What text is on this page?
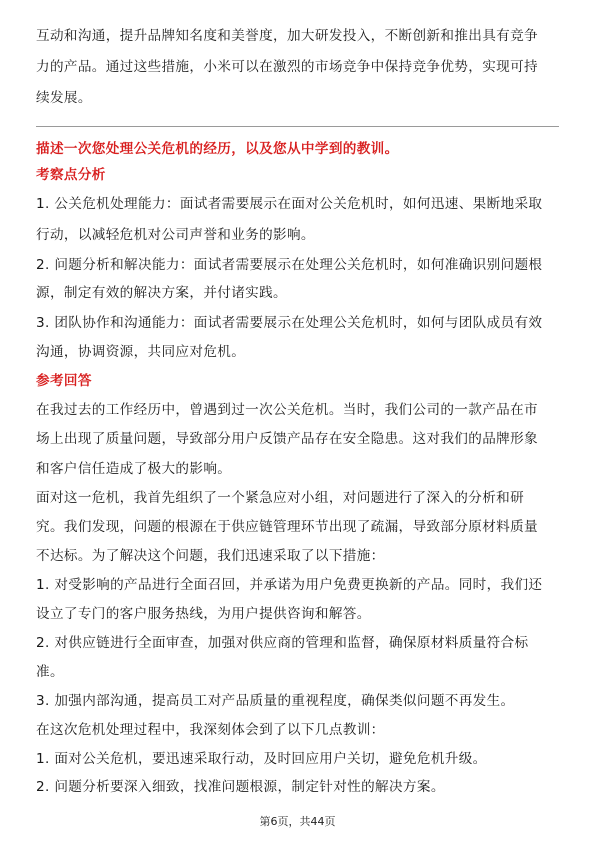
互动和沟通，提升品牌知名度和美誉度，加大研发投入，不断创新和推出具有竞争
力的产品。通过这些措施，小米可以在激烈的市场竞争中保持竞争优势，实现可持
续发展。
描述一次您处理公关危机的经历，以及您从中学到的教训。
考察点分析
1. 公关危机处理能力：面试者需要展示在面对公关危机时，如何迅速、果断地采取
行动，以减轻危机对公司声誉和业务的影响。
2. 问题分析和解决能力：面试者需要展示在处理公关危机时，如何准确识别问题根
源，制定有效的解决方案，并付诸实践。
3. 团队协作和沟通能力：面试者需要展示在处理公关危机时，如何与团队成员有效
沟通，协调资源，共同应对危机。
参考回答
在我过去的工作经历中，曾遇到过一次公关危机。当时，我们公司的一款产品在市
场上出现了质量问题，导致部分用户反馈产品存在安全隐患。这对我们的品牌形象
和客户信任造成了极大的影响。
面对这一危机，我首先组织了一个紧急应对小组，对问题进行了深入的分析和研
究。我们发现，问题的根源在于供应链管理环节出现了疏漏，导致部分原材料质量
不达标。为了解决这个问题，我们迅速采取了以下措施：
1. 对受影响的产品进行全面召回，并承诺为用户免费更换新的产品。同时，我们还
设立了专门的客户服务热线，为用户提供咨询和解答。
2. 对供应链进行全面审查，加强对供应商的管理和监督，确保原材料质量符合标
准。
3. 加强内部沟通，提高员工对产品质量的重视程度，确保类似问题不再发生。
在这次危机处理过程中，我深刻体会到了以下几点教训：
1. 面对公关危机，要迅速采取行动，及时回应用户关切，避免危机升级。
2. 问题分析要深入细致，找准问题根源，制定针对性的解决方案。
第6页，共44页
